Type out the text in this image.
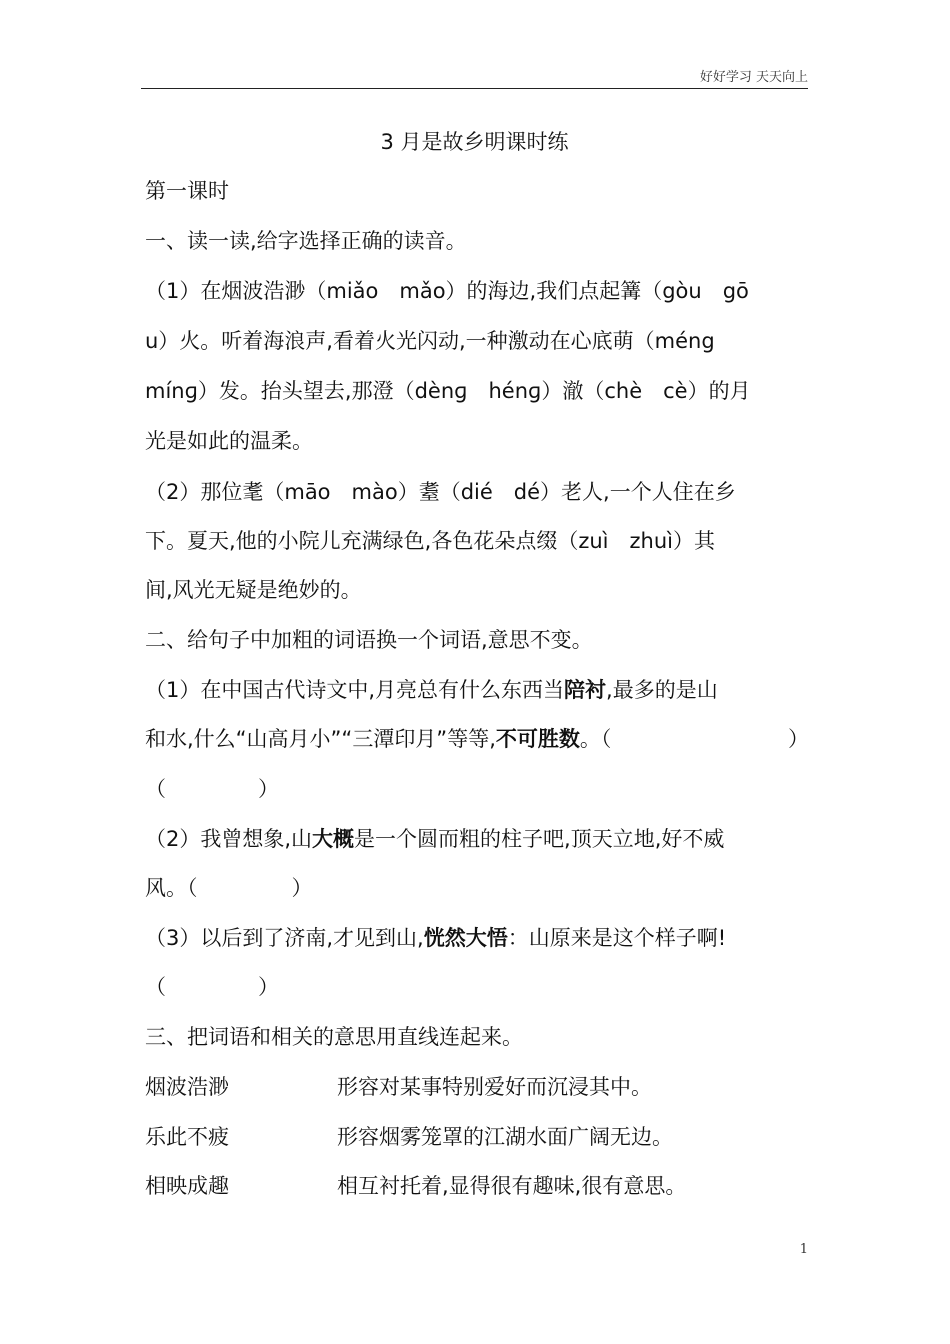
好好学习 天天向上
3 月是故乡明课时练
第一课时
一、读一读,给字选择正确的读音。
（1）在烟波浩渺（miǎo　mǎo）的海边,我们点起篝（gòu　gō
u）火。听着海浪声,看着火光闪动,一种激动在心底萌（méng
mínɡ）发。抬头望去,那澄（dènɡ　hénɡ）澈（chè　cè）的月
光是如此的温柔。
（2）那位耄（māo　mào）耋（dié　dé）老人,一个人住在乡
下。夏天,他的小院儿充满绿色,各色花朵点缀（zuì　zhuì）其
间,风光无疑是绝妙的。
二、给句子中加粗的词语换一个词语,意思不变。
（1）在中国古代诗文中,月亮总有什么东西当陪衬,最多的是山
和水,什么“山高月小”“三潭印月”等等,不可胜数。（	）
（	）
（2）我曾想象,山大概是一个圆而粗的柱子吧,顶天立地,好不威
风。（	）
（3）以后到了济南,才见到山,恍然大悟：山原来是这个样子啊!
（	）
三、把词语和相关的意思用直线连起来。
烟波浩渺	形容对某事特别爱好而沉浸其中。
乐此不疲	形容烟雾笼罩的江湖水面广阔无边。
相映成趣	相互衬托着,显得很有趣味,很有意思。
1
